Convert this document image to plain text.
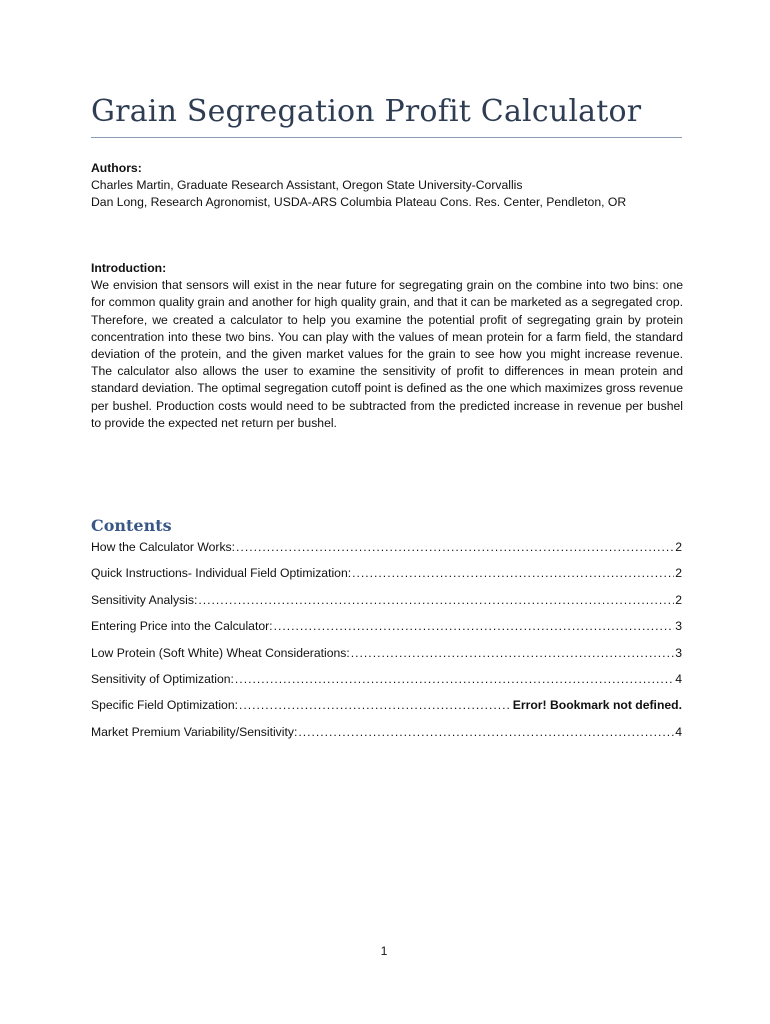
Grain Segregation Profit Calculator
Authors:
Charles Martin, Graduate Research Assistant, Oregon State University-Corvallis
Dan Long, Research Agronomist, USDA-ARS Columbia Plateau Cons. Res. Center, Pendleton, OR
Introduction:
We envision that sensors will exist in the near future for segregating grain on the combine into two bins: one for common quality grain and another for high quality grain, and that it can be marketed as a segregated crop. Therefore, we created a calculator to help you examine the potential profit of segregating grain by protein concentration into these two bins. You can play with the values of mean protein for a farm field, the standard deviation of the protein, and the given market values for the grain to see how you might increase revenue. The calculator also allows the user to examine the sensitivity of profit to differences in mean protein and standard deviation. The optimal segregation cutoff point is defined as the one which maximizes gross revenue per bushel. Production costs would need to be subtracted from the predicted increase in revenue per bushel to provide the expected net return per bushel.
Contents
How the Calculator Works: .....	2
Quick Instructions- Individual Field Optimization: .....	2
Sensitivity Analysis: .....	2
Entering Price into the Calculator: .....	3
Low Protein (Soft White) Wheat Considerations: .....	3
Sensitivity of Optimization: .....	4
Specific Field Optimization: .....	Error! Bookmark not defined.
Market Premium Variability/Sensitivity: .....	4
1
